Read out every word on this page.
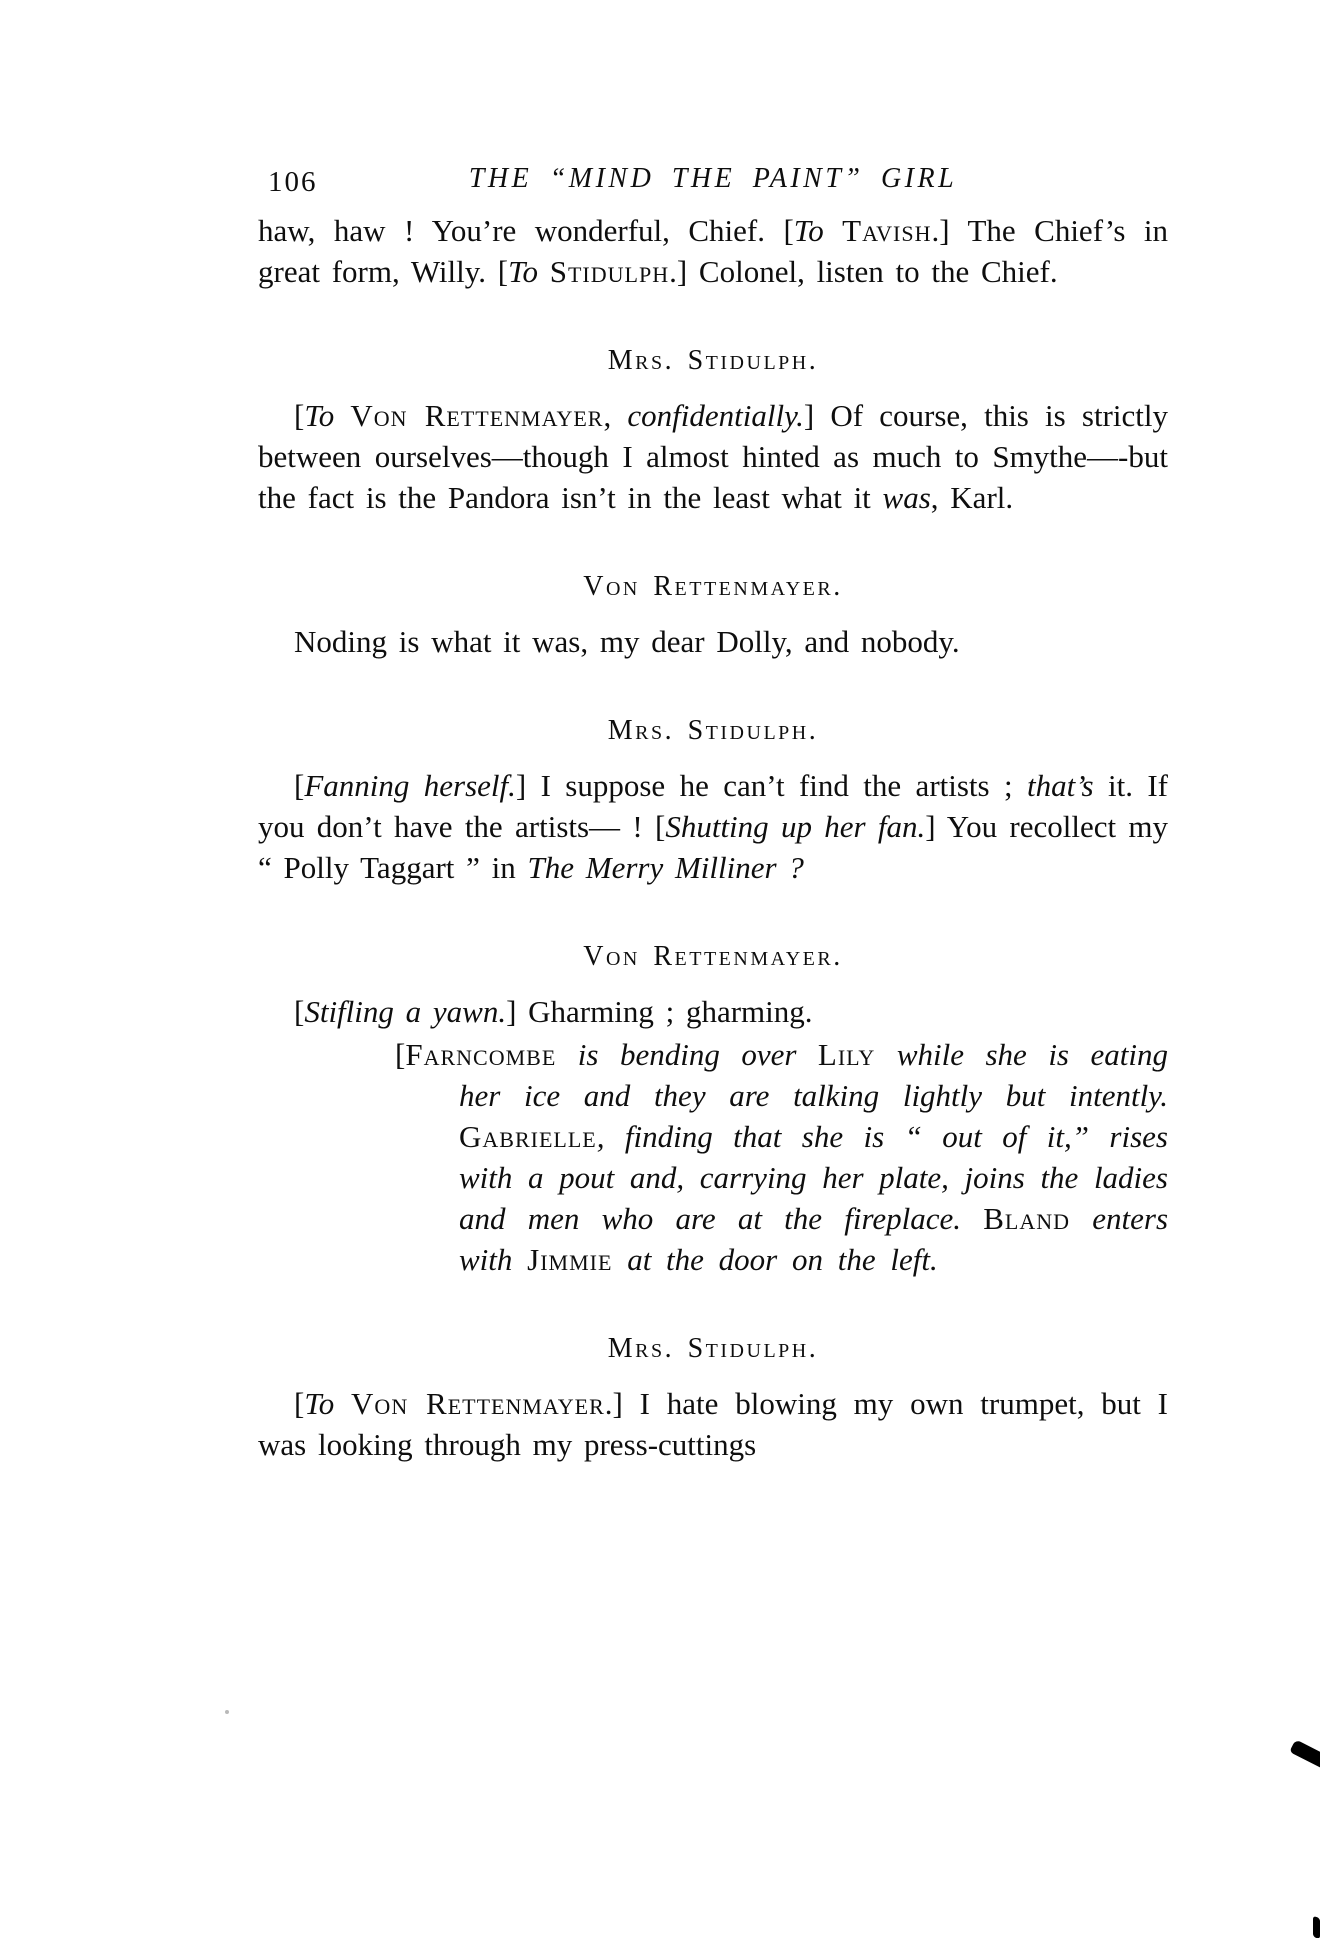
106	THE “MIND THE PAINT” GIRL

haw, haw ! You’re wonderful, Chief. [To Tavish.] The Chief’s in great form, Willy. [To Stidulph.] Colonel, listen to the Chief.

Mrs. Stidulph.

[To Von Rettenmayer, confidentially.] Of course, this is strictly between ourselves—though I almost hinted as much to Smythe—-but the fact is the Pandora isn’t in the least what it was, Karl.

Von Rettenmayer.

Noding is what it was, my dear Dolly, and nobody.

Mrs. Stidulph.

[Fanning herself.] I suppose he can’t find the artists ; that’s it. If you don’t have the artists— ! [Shutting up her fan.] You recollect my “ Polly Taggart ” in The Merry Milliner ?

Von Rettenmayer.

[Stifling a yawn.] Gharming ; gharming.

[Farncombe is bending over Lily while she is eating her ice and they are talking lightly but intently. Gabrielle, finding that she is “ out of it,” rises with a pout and, carrying her plate, joins the ladies and men who are at the fireplace. Bland enters with Jimmie at the door on the left.
Mrs. Stidulph.

[To Von Rettenmayer.] I hate blowing my own trumpet, but I was looking through my press-cuttings
